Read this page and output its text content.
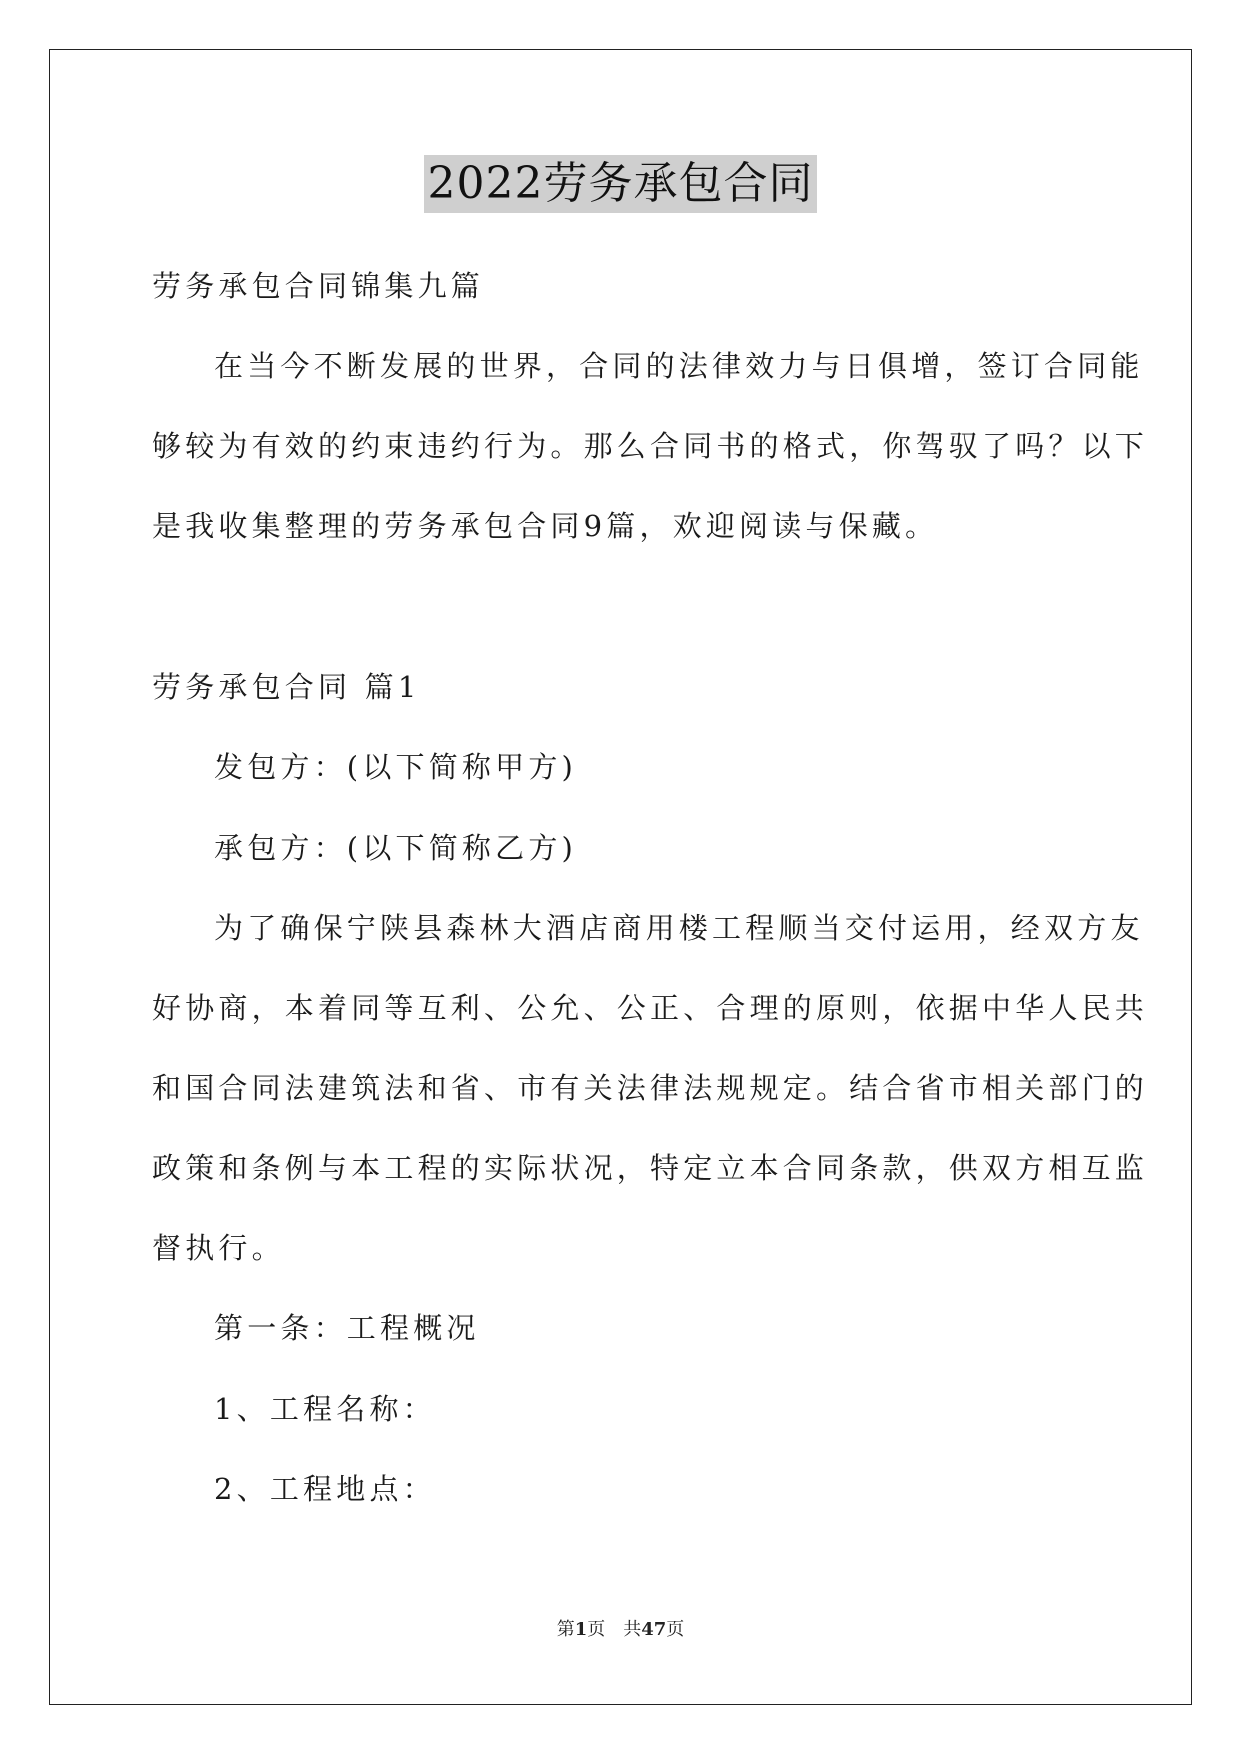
2022劳务承包合同
劳务承包合同锦集九篇
在当今不断发展的世界，合同的法律效力与日俱增，签订合同能
够较为有效的约束违约行为。那么合同书的格式，你驾驭了吗？以下
是我收集整理的劳务承包合同9篇，欢迎阅读与保藏。
劳务承包合同 篇1
发包方：(以下简称甲方)
承包方：(以下简称乙方)
为了确保宁陕县森林大酒店商用楼工程顺当交付运用，经双方友
好协商，本着同等互利、公允、公正、合理的原则，依据中华人民共
和国合同法建筑法和省、市有关法律法规规定。结合省市相关部门的
政策和条例与本工程的实际状况，特定立本合同条款，供双方相互监
督执行。
第一条：工程概况
1、工程名称：
2、工程地点：
第1页　共47页
